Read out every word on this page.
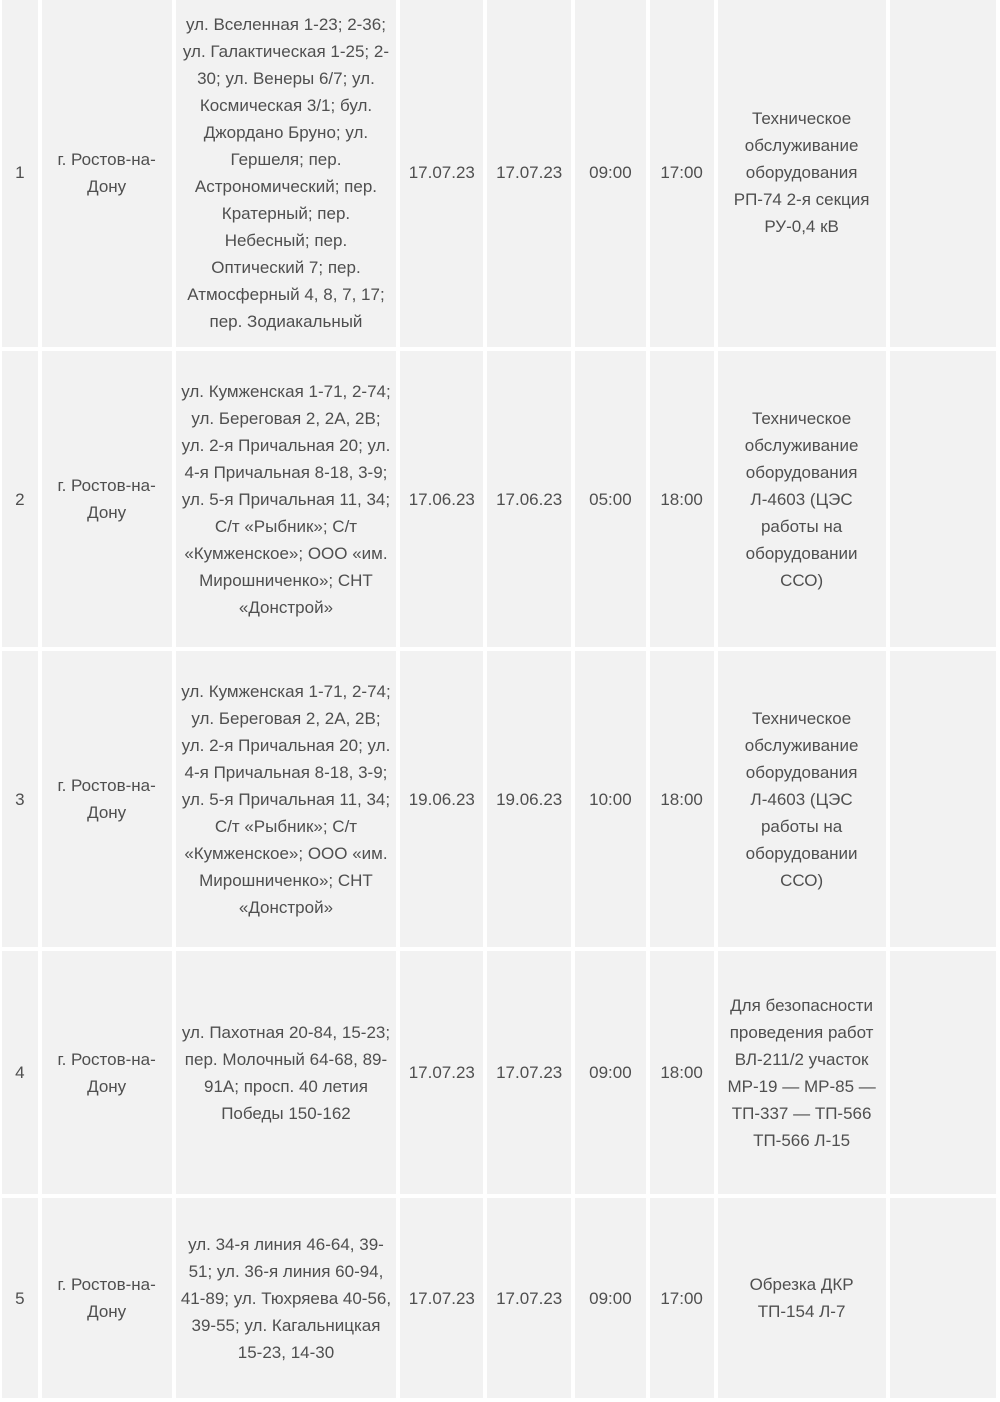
1	г. Ростов-на-Дону	ул. Вселенная 1-23; 2-36; ул. Галактическая 1-25; 2-30; ул. Венеры 6/7; ул. Космическая 3/1; бул. Джордано Бруно; ул. Гершеля; пер. Астрономический; пер. Кратерный; пер. Небесный; пер. Оптический 7; пер. Атмосферный 4, 8, 7, 17; пер. Зодиакальный	17.07.23	17.07.23	09:00	17:00	Техническое обслуживание оборудования РП-74 2-я секция РУ-0,4 кВ	
2	г. Ростов-на-Дону	ул. Кумженская 1-71, 2-74; ул. Береговая 2, 2А, 2В; ул. 2-я Причальная 20; ул. 4-я Причальная 8-18, 3-9; ул. 5-я Причальная 11, 34; С/т «Рыбник»; С/т «Кумженское»; ООО «им. Мирошниченко»; СНТ «Донстрой»	17.06.23	17.06.23	05:00	18:00	Техническое обслуживание оборудования Л-4603 (ЦЭС работы на оборудовании ССО)	
3	г. Ростов-на-Дону	ул. Кумженская 1-71, 2-74; ул. Береговая 2, 2А, 2В; ул. 2-я Причальная 20; ул. 4-я Причальная 8-18, 3-9; ул. 5-я Причальная 11, 34; С/т «Рыбник»; С/т «Кумженское»; ООО «им. Мирошниченко»; СНТ «Донстрой»	19.06.23	19.06.23	10:00	18:00	Техническое обслуживание оборудования Л-4603 (ЦЭС работы на оборудовании ССО)	
4	г. Ростов-на-Дону	ул. Пахотная 20-84, 15-23; пер. Молочный 64-68, 89-91А; просп. 40 летия Победы 150-162	17.07.23	17.07.23	09:00	18:00	Для безопасности проведения работ ВЛ-211/2 участок МР-19 — МР-85 — ТП-337 — ТП-566 ТП-566 Л-15	
5	г. Ростов-на-Дону	ул. 34-я линия 46-64, 39-51; ул. 36-я линия 60-94, 41-89; ул. Тюхряева 40-56, 39-55; ул. Кагальницкая 15-23, 14-30	17.07.23	17.07.23	09:00	17:00	Обрезка ДКР ТП-154 Л-7	
